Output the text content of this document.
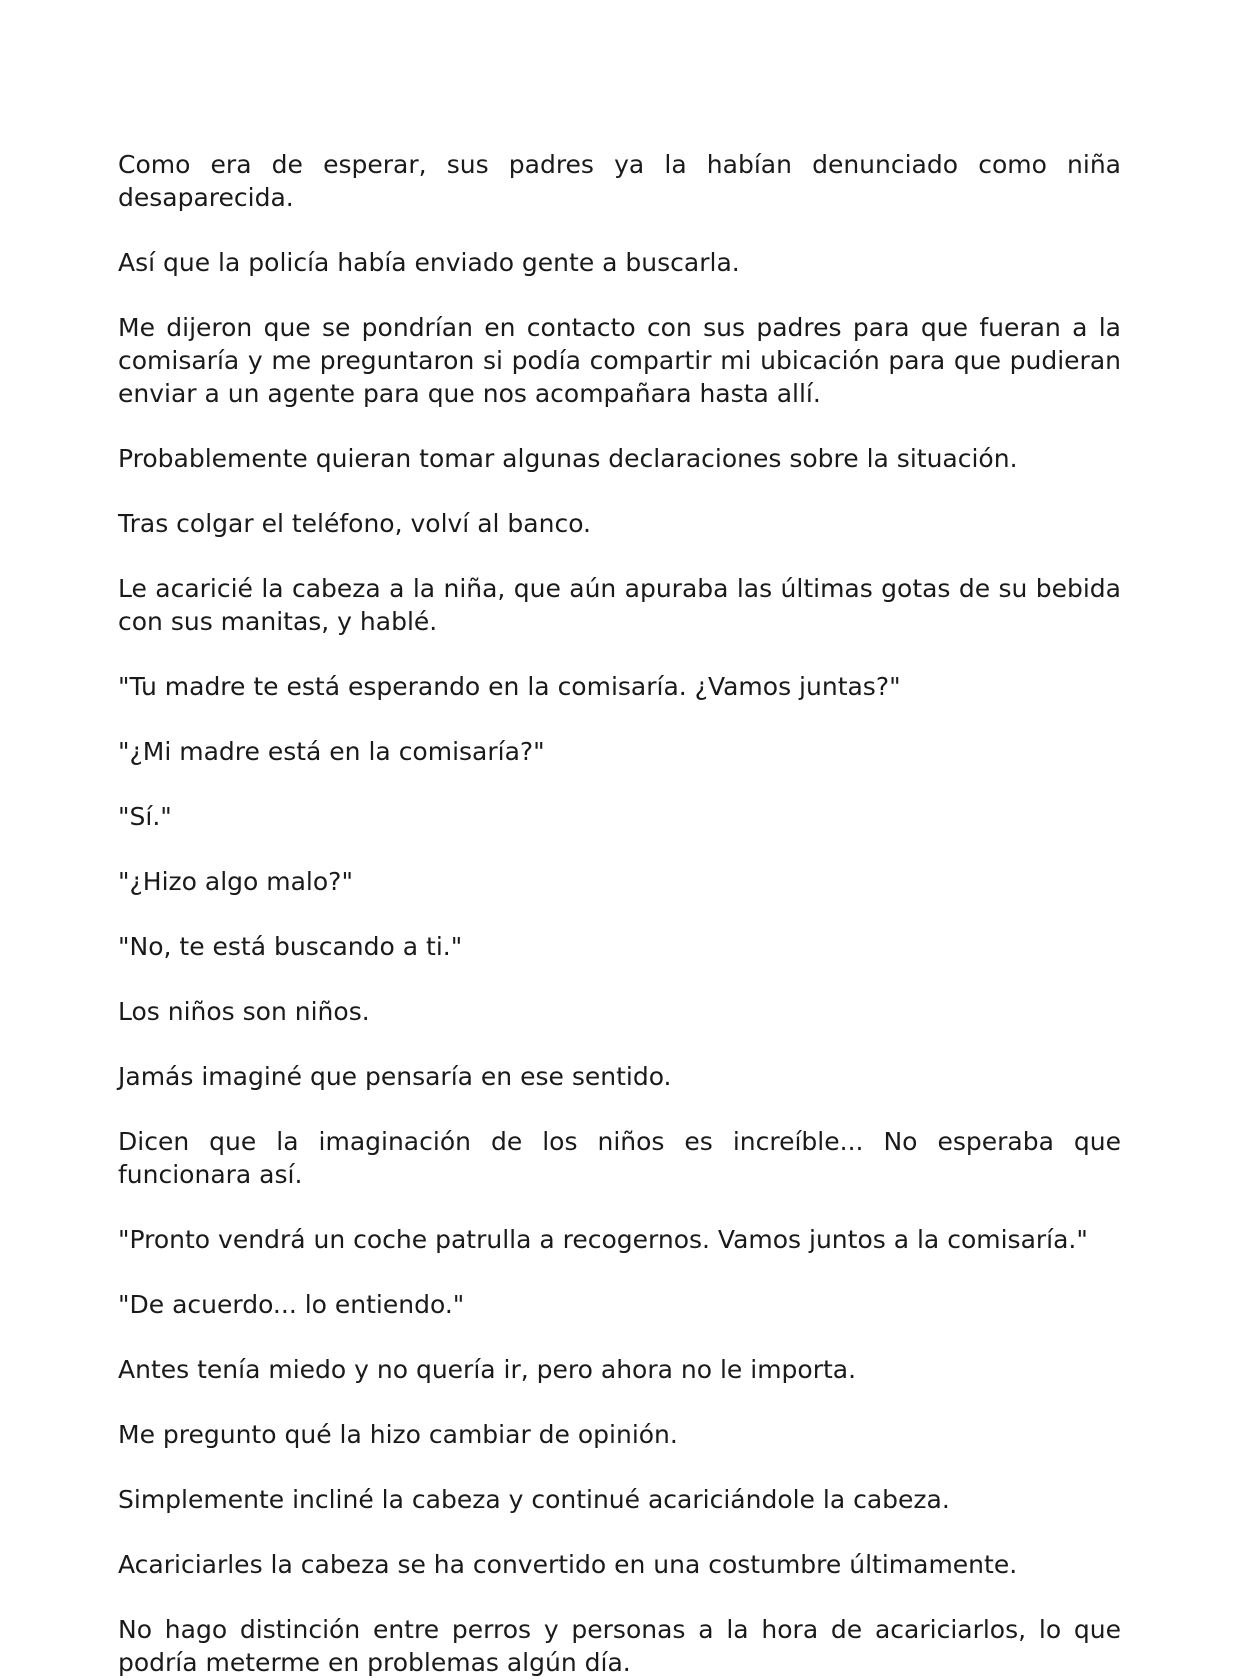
Como era de esperar, sus padres ya la habían denunciado como niña desaparecida.

Así que la policía había enviado gente a buscarla.

Me dijeron que se pondrían en contacto con sus padres para que fueran a la comisaría y me preguntaron si podía compartir mi ubicación para que pudieran enviar a un agente para que nos acompañara hasta allí.

Probablemente quieran tomar algunas declaraciones sobre la situación.

Tras colgar el teléfono, volví al banco.

Le acaricié la cabeza a la niña, que aún apuraba las últimas gotas de su bebida con sus manitas, y hablé.

"Tu madre te está esperando en la comisaría. ¿Vamos juntas?"

"¿Mi madre está en la comisaría?"

"Sí."

"¿Hizo algo malo?"

"No, te está buscando a ti."

Los niños son niños.

Jamás imaginé que pensaría en ese sentido.

Dicen que la imaginación de los niños es increíble... No esperaba que funcionara así.

"Pronto vendrá un coche patrulla a recogernos. Vamos juntos a la comisaría."

"De acuerdo... lo entiendo."

Antes tenía miedo y no quería ir, pero ahora no le importa.

Me pregunto qué la hizo cambiar de opinión.

Simplemente incliné la cabeza y continué acariciándole la cabeza.

Acariciarles la cabeza se ha convertido en una costumbre últimamente.

No hago distinción entre perros y personas a la hora de acariciarlos, lo que podría meterme en problemas algún día.
